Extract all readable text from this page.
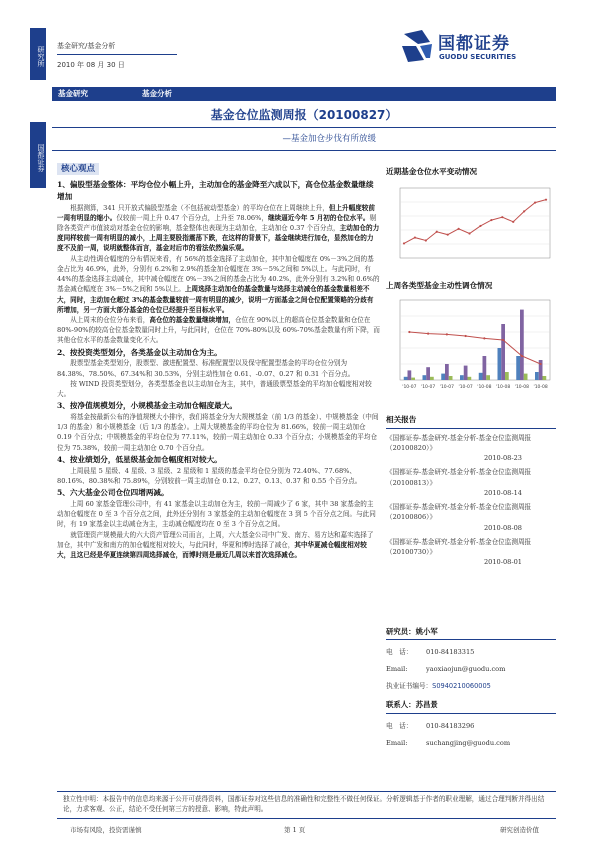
研究所
国都证券
基金研究/基金分析
2010 年 08 月 30 日
国都证券
GUODU SECURITIES
基金研究	基金分析
基金仓位监测周报（20100827）
—基金加仓步伐有所放缓
核心观点
1、偏股型基金整体：平均仓位小幅上升，主动加仓的基金降至六成以下，高仓位基金数量继续增加
根据测算，341 只开放式偏股型基金（不包括被动型基金）的平均仓位在上周继续上升，但上升幅度较前一周有明显的缩小。仅较前一周上升 0.47 个百分点，上升至 78.06%，继续逼近今年 5 月初的仓位水平。剔除各类资产市值波动对基金仓位的影响，基金整体也表现为主动加仓，主动加仓 0.37 个百分点，主动加仓的力度同样较前一周有明显的减小，上周主要股指震荡下跌，在这样的背景下，基金继续进行加仓，显然加仓的力度不及前一周，说明就整体而言，基金对后市的看法依然偏乐观。
从主动性调仓幅度的分布情况来看，有 56%的基金选择了主动加仓，其中加仓幅度在 0%－3%之间的基金占比为 46.9%，此外，分别有 6.2%和 2.9%的基金加仓幅度在 3%－5%之间和 5%以上。与此同时，有 44%的基金选择主动减仓，其中减仓幅度在 0%－3%之间的基金占比为 40.2%，此外分别有 3.2%和 0.6%的基金减仓幅度在 3%－5%之间和 5%以上。上周选择主动加仓的基金数量与选择主动减仓的基金数量相差不大，同时，主动加仓超过 3%的基金数量较前一周有明显的减少，说明一方面基金之间仓位配置策略的分歧有所增加，另一方面大部分基金的仓位已经提升至目标水平。
从上周末的仓位分布来看，高仓位的基金数量继续增加，仓位在 90%以上的超高仓位基金数量和仓位在 80%-90%的较高仓位基金数量同时上升，与此同时，仓位在 70%-80%以及 60%-70%基金数量有所下降，而其他仓位水平的基金数量变化不大。
2、按投资类型划分，各类基金以主动加仓为主。
股票型基金类型划分，股票型、激进配置型、标准配置型以及保守配置型基金的平均仓位分别为 84.38%、78.50%、67.34%和 30.53%，分别主动性加仓 0.61、-0.07、0.27 和 0.31 个百分点。
按 WIND 投资类型划分，各类型基金也以主动加仓为主，其中，普通股票型基金的平均加仓幅度相对较大。
3、按净值规模划分，小规模基金主动加仓幅度最大。
将基金按最新公布的净值规模大小排序，我们将基金分为大规模基金（前 1/3 的基金）、中规模基金（中间 1/3 的基金）和小规模基金（后 1/3 的基金）。上周大规模基金的平均仓位为 81.66%，较前一周主动加仓 0.19 个百分点；中规模基金的平均仓位为 77.11%，较前一周主动加仓 0.33 个百分点；小规模基金的平均仓位为 75.38%，较前一周主动加仓 0.70 个百分点。
4、按业绩划分，低星级基金加仓幅度相对较大。
上周晨星 5 星级、4 星级、3 星级、2 星级和 1 星级的基金平均仓位分别为 72.40%、77.68%、80.16%、80.38%和 75.89%，分别较前一周主动加仓 0.12、0.27、0.13、0.37 和 0.55 个百分点。
5、六大基金公司仓位四增两减。
上周 60 家基金管理公司中，有 41 家基金以主动加仓为主，较前一周减少了 6 家，其中 38 家基金的主动加仓幅度在 0 至 3 个百分点之间，此外还分别有 3 家基金的主动加仓幅度在 3 到 5 个百分点之间。与此同时，有 19 家基金以主动减仓为主，主动减仓幅度均在 0 至 3 个百分点之间。
就管理资产规模最大的六大资产管理公司而言，上周，六大基金公司中广发、南方、易方达和嘉实选择了加仓，其中广发和南方的加仓幅度相对较大，与此同时，华夏和博时选择了减仓，其中华夏减仓幅度相对较大，且这已经是华夏连续第四周选择减仓，而博时则是最近几周以来首次选择减仓。
近期基金仓位水平变动情况
上周各类型基金主动性调仓情况
'10-07 '10-07 '10-07 '10-07 '10-08 '10-08 '10-08 '10-08
相关报告
《国都证券-基金研究-基金分析-基金仓位监测周报（20100820）》
2010-08-23
《国都证券-基金研究-基金分析-基金仓位监测周报（20100813）》
2010-08-14
《国都证券-基金研究-基金分析-基金仓位监测周报（20100806）》
2010-08-08
《国都证券-基金研究-基金分析-基金仓位监测周报（20100730）》
2010-08-01
研究员：姚小军
电　话： 010-84183315
Email:	yaoxiaojun@guodu.com
执业证书编号：S0940210060005
联系人：苏昌景
电　话： 010-84183296
Email:	suchangjing@guodu.com
独立性申明：本报告中的信息均来源于公开可获得资料，国都证券对这些信息的准确性和完整性不做任何保证。分析逻辑基于作者的职业理解，通过合理判断并得出结论，力求客观、公正，结论不受任何第三方的授意、影响，特此声明。
市场有风险，投资需谨慎	第 1 页	研究创造价值
